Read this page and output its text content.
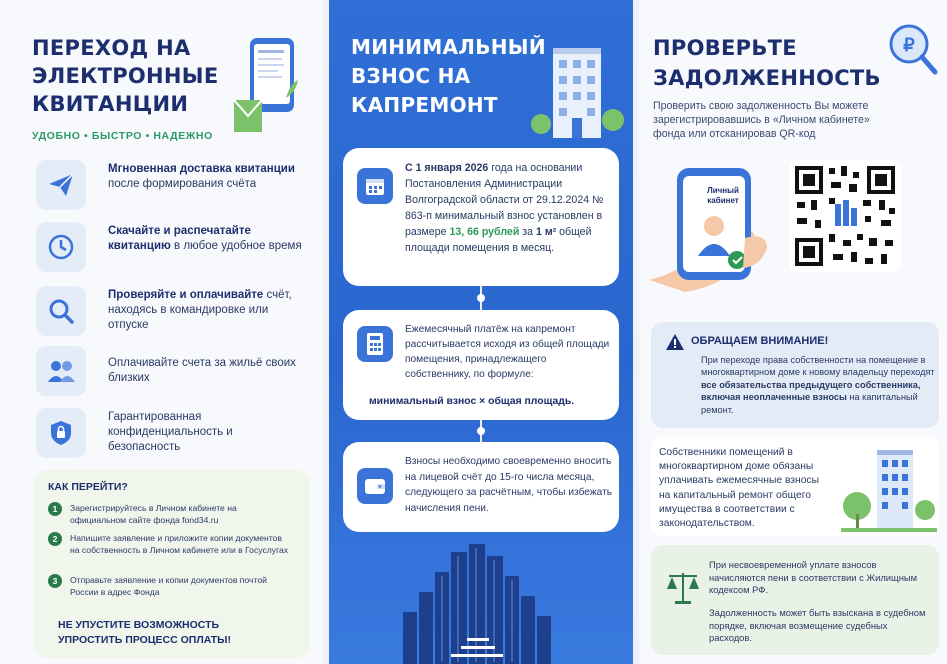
ПЕРЕХОД НА ЭЛЕКТРОННЫЕ КВИТАНЦИИ
УДОБНО • БЫСТРО • НАДЕЖНО
Мгновенная доставка квитанции после формирования счёта
Скачайте и распечатайте квитанцию в любое удобное время
Проверяйте и оплачивайте счёт, находясь в командировке или отпуске
Оплачивайте счета за жильё своих близких
Гарантированная конфиденциальность и безопасность
КАК ПЕРЕЙТИ?
1	Зарегистрируйтесь в Личном кабинете на официальном сайте фонда fond34.ru
2	Напишите заявление и приложите копии документов на собственность в Личном кабинете или в Госуслугах
3	Отправьте заявление и копии документов почтой России в адрес Фонда
НЕ УПУСТИТЕ ВОЗМОЖНОСТЬ УПРОСТИТЬ ПРОЦЕСС ОПЛАТЫ!
МИНИМАЛЬНЫЙ ВЗНОС НА КАПРЕМОНТ
С 1 января 2026 года на основании Постановления Администрации Волгоградской области от 29.12.2024 № 863-п минимальный взнос установлен в размере 13, 66 рублей за 1 м² общей площади помещения в месяц.
Ежемесячный платёж на капремонт рассчитывается исходя из общей площади помещения, принадлежащего собственнику, по формуле:
минимальный взнос × общая площадь.
Взносы необходимо своевременно вносить на лицевой счёт до 15-го числа месяца, следующего за расчётным, чтобы избежать начисления пени.
ПРОВЕРЬТЕ ЗАДОЛЖЕННОСТЬ
₽
Проверить свою задолженность Вы можете зарегистрировавшись в «Личном кабинете» фонда или отсканировав QR-код
Личный кабинет
ОБРАЩАЕМ ВНИМАНИЕ!
При переходе права собственности на помещение в многоквартирном доме к новому владельцу переходят все обязательства предыдущего собственника, включая неоплаченные взносы на капитальный ремонт.
Собственники помещений в многоквартирном доме обязаны уплачивать ежемесячные взносы на капитальный ремонт общего имущества в соответствии с законодательством.
При несвоевременной уплате взносов начисляются пени в соответствии с Жилищным кодексом РФ.
Задолженность может быть взыскана в судебном порядке, включая возмещение судебных расходов.
